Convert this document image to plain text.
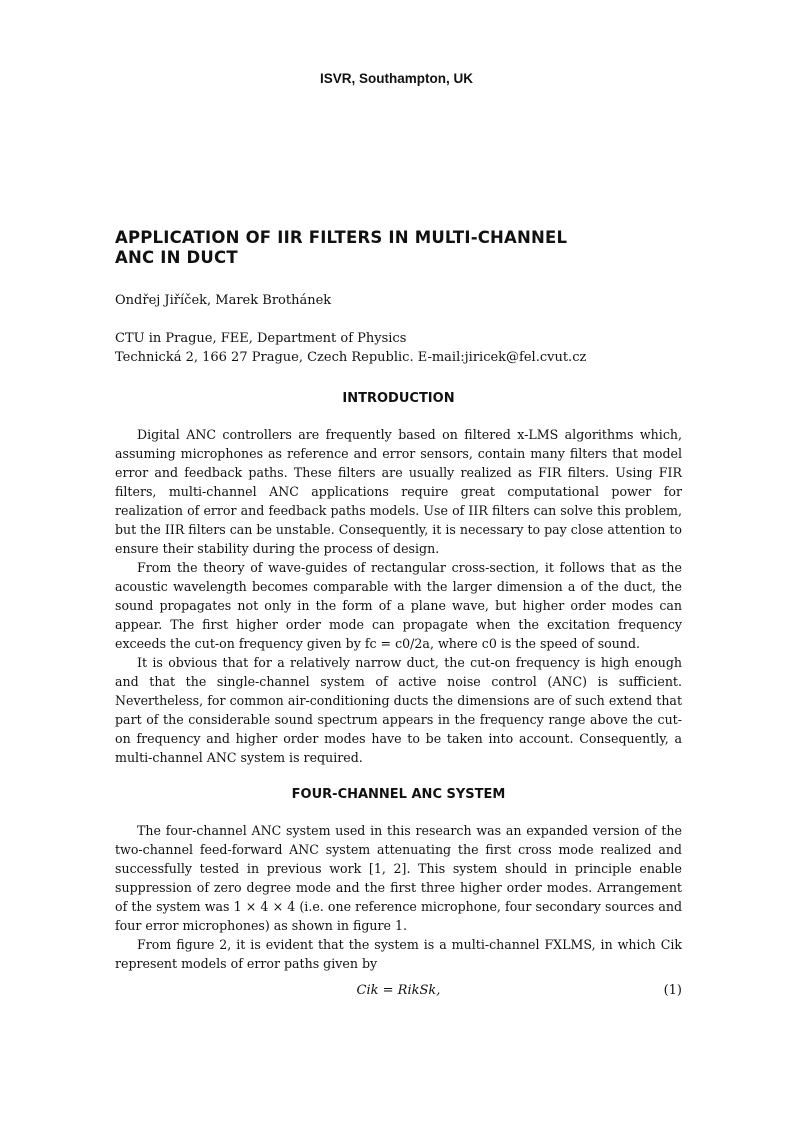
ISVR, Southampton, UK
APPLICATION OF IIR FILTERS IN MULTI-CHANNEL
ANC IN DUCT
Ondřej Jiříček, Marek Brothánek
CTU in Prague, FEE, Department of Physics
Technická 2, 166 27 Prague, Czech Republic. E-mail:jiricek@fel.cvut.cz
INTRODUCTION

Digital ANC controllers are frequently based on filtered x-LMS algorithms which, assuming microphones as reference and error sensors, contain many filters that model error and feedback paths. These filters are usually realized as FIR filters. Using FIR filters, multi-channel ANC applications require great computational power for realization of error and feedback paths models. Use of IIR filters can solve this problem, but the IIR filters can be unstable. Consequently, it is necessary to pay close attention to ensure their stability during the process of design.

From the theory of wave-guides of rectangular cross-section, it follows that as the acoustic wavelength becomes comparable with the larger dimension a of the duct, the sound propagates not only in the form of a plane wave, but higher order modes can appear. The first higher order mode can propagate when the excitation frequency exceeds the cut-on frequency given by fc = c0/2a, where c0 is the speed of sound.

It is obvious that for a relatively narrow duct, the cut-on frequency is high enough and that the single-channel system of active noise control (ANC) is sufficient. Nevertheless, for common air-conditioning ducts the dimensions are of such extend that part of the considerable sound spectrum appears in the frequency range above the cut-on frequency and higher order modes have to be taken into account. Consequently, a multi-channel ANC system is required.

FOUR-CHANNEL ANC SYSTEM

The four-channel ANC system used in this research was an expanded version of the two-channel feed-forward ANC system attenuating the first cross mode realized and successfully tested in previous work [1, 2]. This system should in principle enable suppression of zero degree mode and the first three higher order modes. Arrangement of the system was 1 × 4 × 4 (i.e. one reference microphone, four secondary sources and four error microphones) as shown in figure 1.

From figure 2, it is evident that the system is a multi-channel FXLMS, in which Cik represent models of error paths given by

Cik = RikSk,	(1)
